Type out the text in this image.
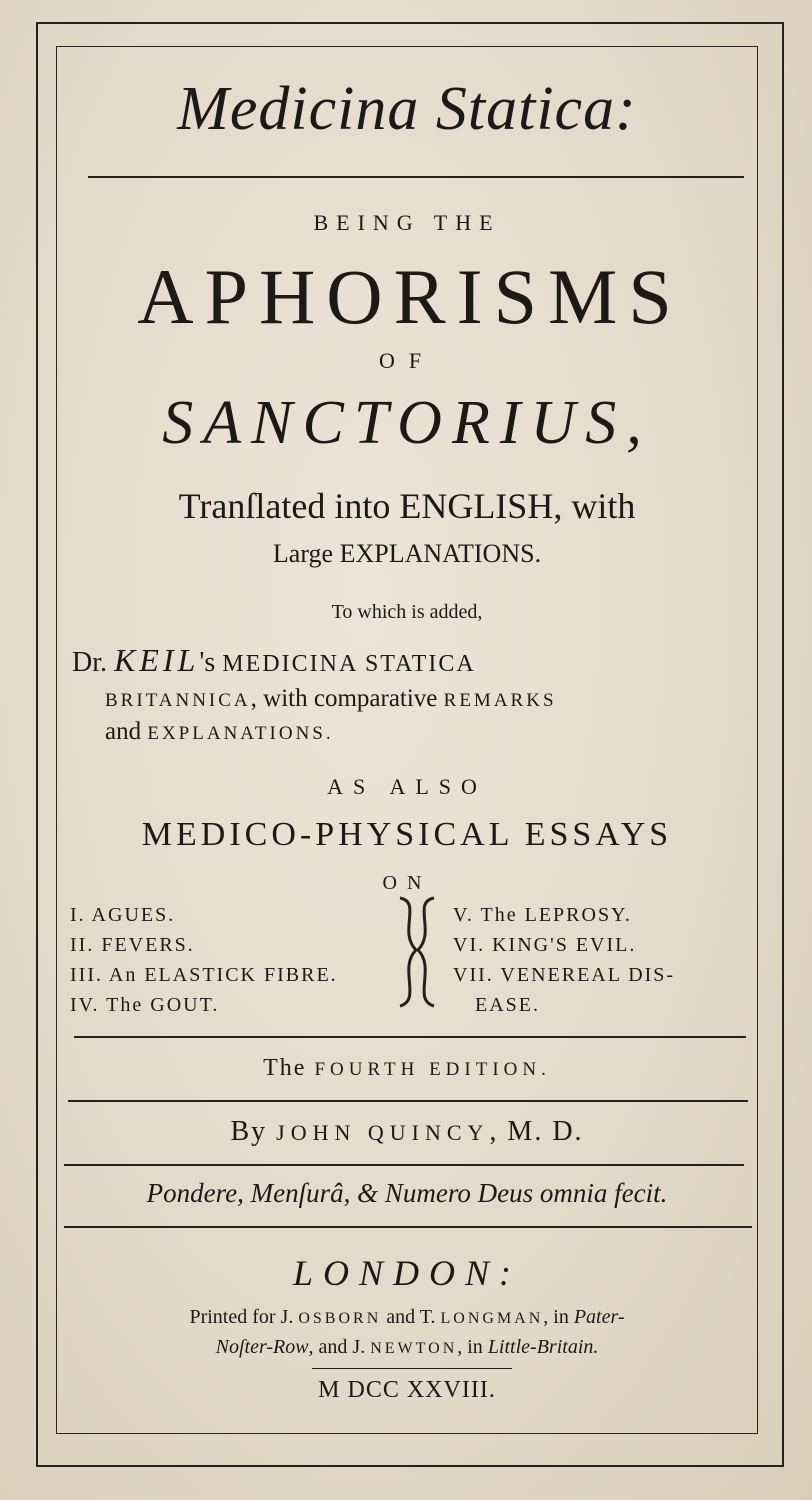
Medicina Statica:
BEING THE
APHORISMS
OF
SANCTORIUS,
Tranſlated into ENGLISH, with
Large EXPLANATIONS.
To which is added,
Dr. KEIL's MEDICINA STATICA
BRITANNICA, with comparative REMARKS
and EXPLANATIONS.
AS ALSO
MEDICO-PHYSICAL ESSAYS
ON
I. AGUES.
II. FEVERS.
III. An ELASTICK FIBRE.
IV. The GOUT.
V. The LEPROSY.
VI. KING'S EVIL.
VII. VENEREAL DIS-
EASE.
The FOURTH EDITION.
By JOHN QUINCY, M. D.
Pondere, Menſurâ, & Numero Deus omnia fecit.
LONDON:
Printed for J. OSBORN and T. LONGMAN, in Pater-
Noſter-Row, and J. NEWTON, in Little-Britain.
M DCC XXVIII.
